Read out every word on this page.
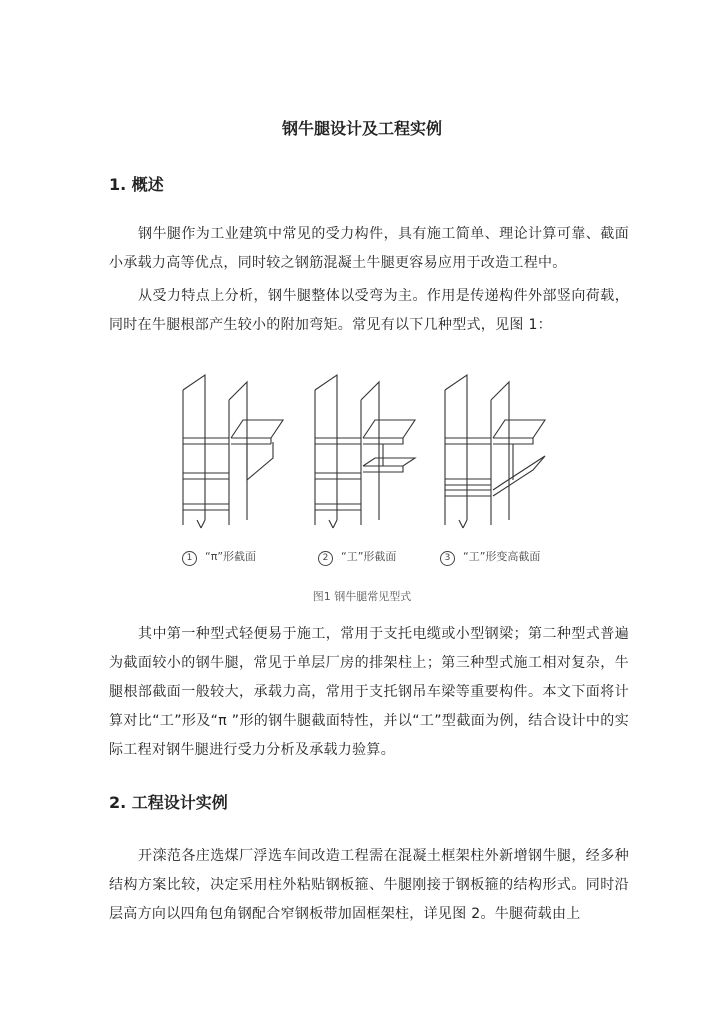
钢牛腿设计及工程实例
1. 概述
钢牛腿作为工业建筑中常见的受力构件，具有施工简单、理论计算可靠、截面小承载力高等优点，同时较之钢筋混凝土牛腿更容易应用于改造工程中。
从受力特点上分析，钢牛腿整体以受弯为主。作用是传递构件外部竖向荷载，同时在牛腿根部产生较小的附加弯矩。常见有以下几种型式，见图 1：
1 “π”形截面	2 “工”形截面	3 “工”形变高截面
图1 钢牛腿常见型式
其中第一种型式轻便易于施工，常用于支托电缆或小型钢梁；第二种型式普遍为截面较小的钢牛腿，常见于单层厂房的排架柱上；第三种型式施工相对复杂，牛腿根部截面一般较大，承载力高，常用于支托钢吊车梁等重要构件。本文下面将计算对比“工”形及“π ”形的钢牛腿截面特性，并以“工”型截面为例，结合设计中的实际工程对钢牛腿进行受力分析及承载力验算。
2. 工程设计实例
开滦范各庄选煤厂浮选车间改造工程需在混凝土框架柱外新增钢牛腿，经多种结构方案比较，决定采用柱外粘贴钢板箍、牛腿刚接于钢板箍的结构形式。同时沿层高方向以四角包角钢配合窄钢板带加固框架柱，详见图 2。牛腿荷载由上
